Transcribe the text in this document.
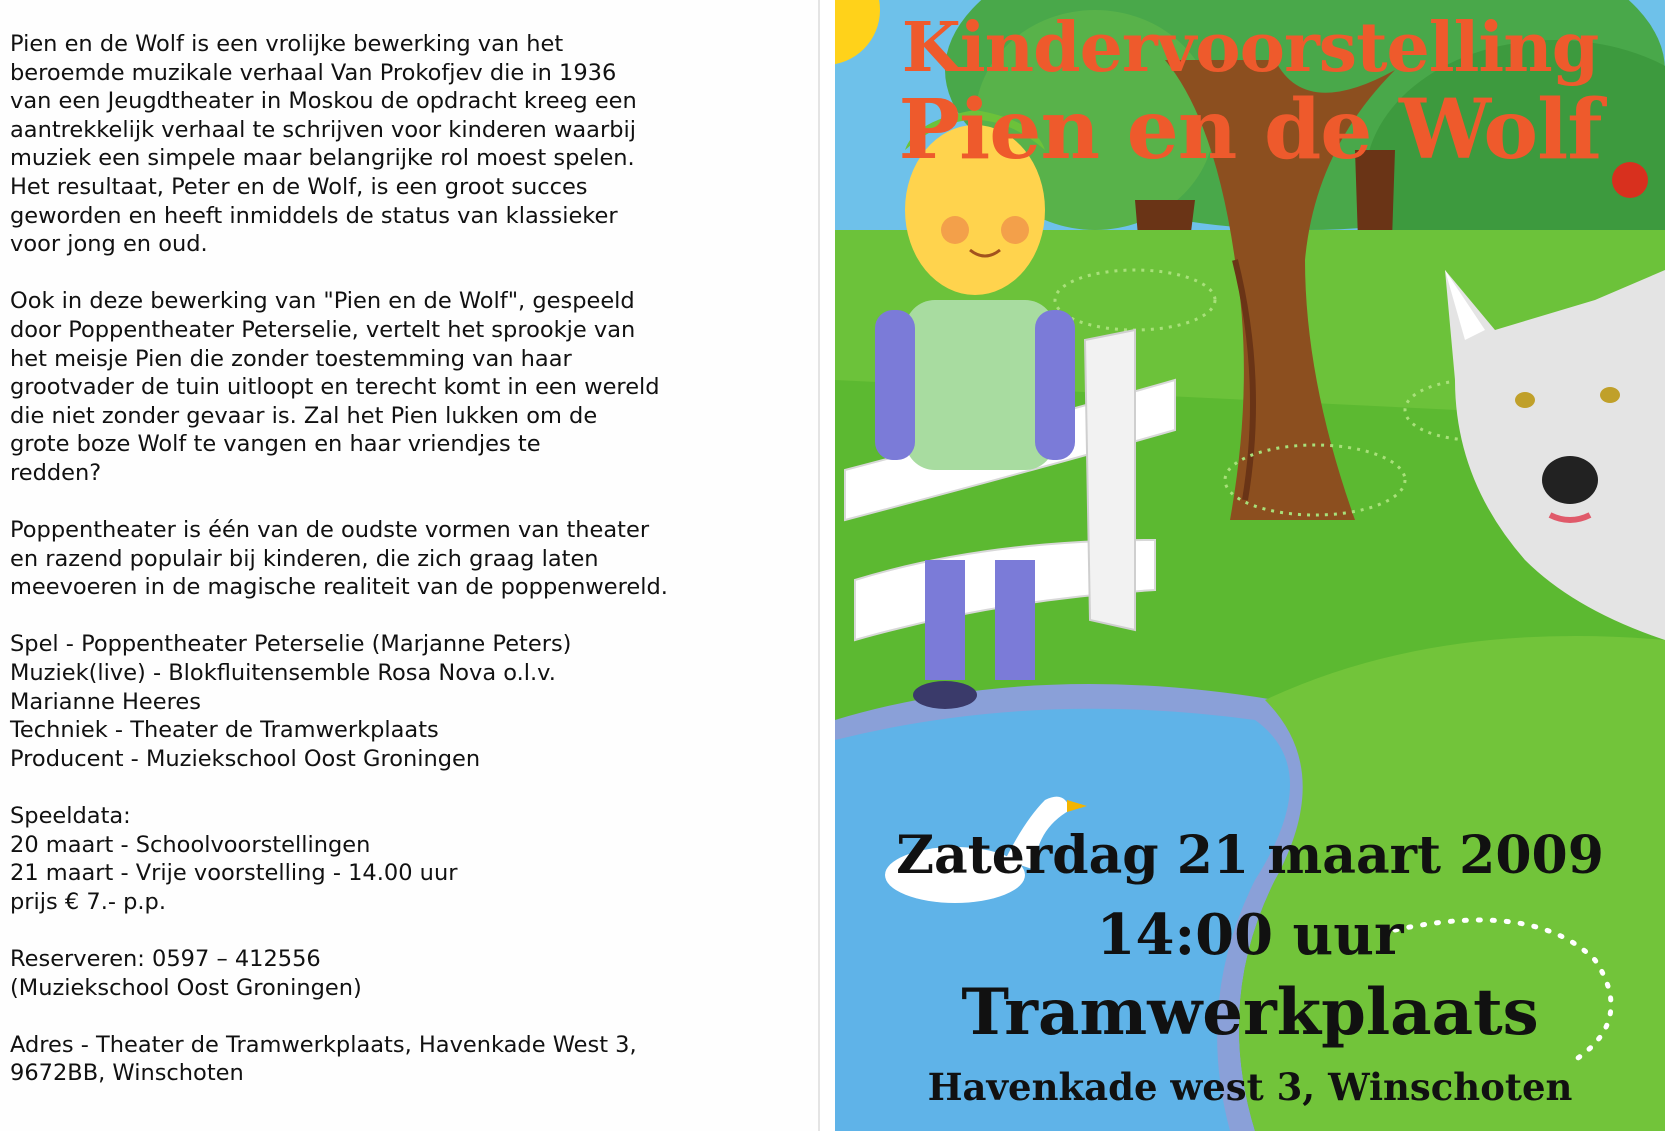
Pien en de Wolf is een vrolijke bewerking van het

beroemde muzikale verhaal Van Prokofjev die in 1936

van een Jeugdtheater in Moskou de opdracht kreeg een

aantrekkelijk verhaal te schrijven voor kinderen waarbij

muziek een simpele maar belangrijke rol moest spelen.

Het resultaat, Peter en de Wolf, is een groot succes

geworden en heeft inmiddels de status van klassieker

voor jong en oud.

Ook in deze bewerking van "Pien en de Wolf", gespeeld

door Poppentheater Peterselie, vertelt het sprookje van

het meisje Pien die zonder toestemming van haar

grootvader de tuin uitloopt en terecht komt in een wereld

die niet zonder gevaar is. Zal het Pien lukken om de

grote boze Wolf te vangen en haar vriendjes te

redden?

Poppentheater is één van de oudste vormen van theater

en razend populair bij kinderen, die zich graag laten

meevoeren in de magische realiteit van de poppenwereld.

Spel - Poppentheater Peterselie (Marjanne Peters)

Muziek(live) - Blokfluitensemble Rosa Nova o.l.v.

Marianne Heeres

Techniek - Theater de Tramwerkplaats

Producent - Muziekschool Oost Groningen

Speeldata:

20 maart - Schoolvoorstellingen

21 maart - Vrije voorstelling - 14.00 uur

prijs € 7.- p.p.

Reserveren: 0597 – 412556

(Muziekschool Oost Groningen)

Adres - Theater de Tramwerkplaats, Havenkade West 3,

9672BB, Winschoten

Kindervoorstelling
Pien en de Wolf
Zaterdag 21 maart 2009
14:00 uur
Tramwerkplaats
Havenkade west 3, Winschoten
